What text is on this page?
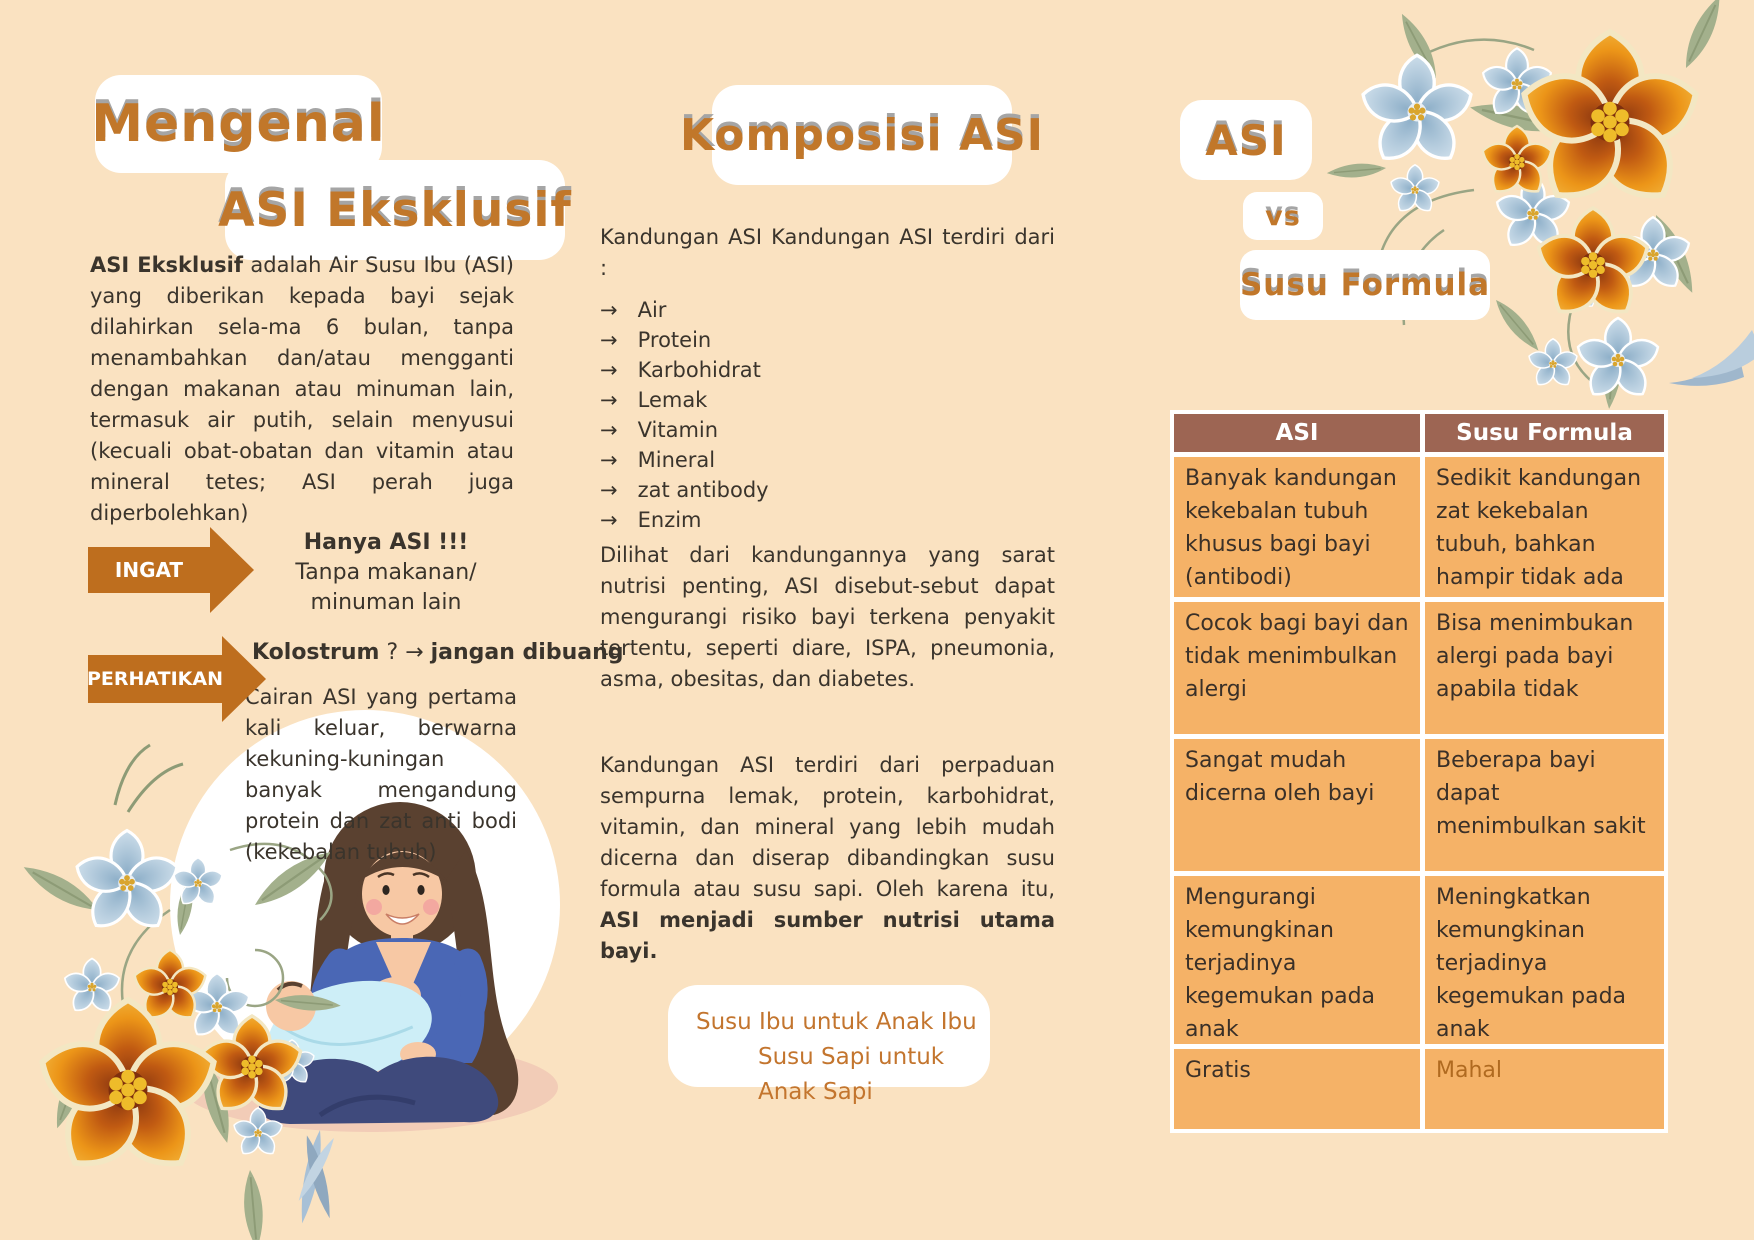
Mengenal
ASI Eksklusif
ASI Eksklusif adalah Air Susu Ibu (ASI) yang diberikan kepada bayi sejak dilahirkan sela-ma 6 bulan, tanpa menambahkan dan/atau mengganti dengan makanan atau minuman lain, termasuk air putih, selain menyusui (kecuali obat-obatan dan vitamin atau mineral tetes; ASI perah juga diperbolehkan)
INGAT
Hanya ASI !!!
Tanpa makanan/ minuman lain
PERHATIKAN
Kolostrum ? → jangan dibuang
Cairan ASI yang pertama kali keluar, berwarna kekuning-kuningan banyak mengandung protein dan zat anti bodi (kekebalan tubuh)
Komposisi ASI
Kandungan ASI Kandungan ASI terdiri dari :
→ Air
→ Protein
→ Karbohidrat
→ Lemak
→ Vitamin
→ Mineral
→ zat antibody
→ Enzim
Dilihat dari kandungannya yang sarat nutrisi penting, ASI disebut-sebut dapat mengurangi risiko bayi terkena penyakit tertentu, seperti diare, ISPA, pneumonia, asma, obesitas, dan diabetes.
Kandungan ASI terdiri dari perpaduan sempurna lemak, protein, karbohidrat, vitamin, dan mineral yang lebih mudah dicerna dan diserap dibandingkan susu formula atau susu sapi. Oleh karena itu, ASI menjadi sumber nutrisi utama bayi.
Susu Ibu untuk Anak Ibu
Susu Sapi untuk Anak Sapi
ASI
vs
Susu Formula
ASI	Susu Formula
Banyak kandungan kekebalan tubuh khusus bagi bayi (antibodi)
Sedikit kandungan zat kekebalan tubuh, bahkan hampir tidak ada
Cocok bagi bayi dan tidak menimbulkan alergi
Bisa menimbukan alergi pada bayi apabila tidak
Sangat mudah dicerna oleh bayi
Beberapa bayi dapat menimbulkan sakit
Mengurangi kemungkinan terjadinya kegemukan pada anak
Meningkatkan kemungkinan terjadinya kegemukan pada anak
Gratis	Mahal
